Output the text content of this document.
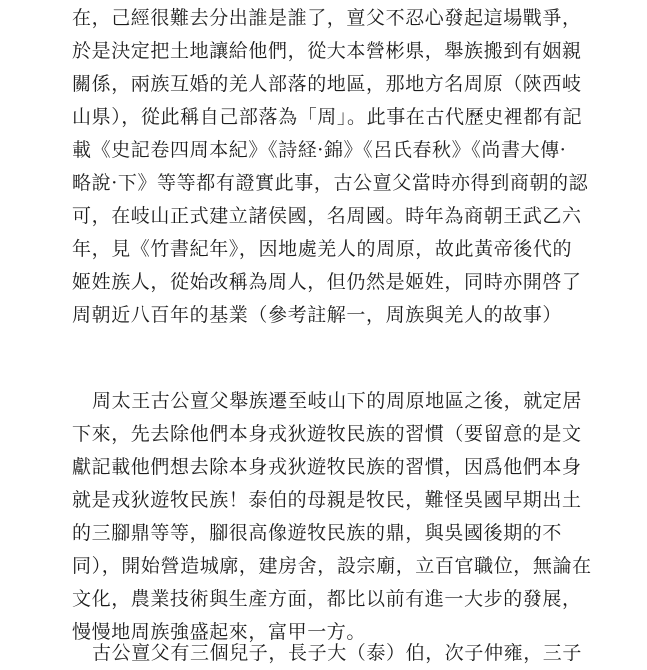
在，己經很難去分出誰是誰了，亶父不忍心發起這場戰爭，
於是決定把土地讓給他們，從大本營彬県，舉族搬到有姻親
關係，兩族互婚的羌人部落的地區，那地方名周原（陝西岐
山県），從此稱自己部落為「周」。此事在古代歷史裡都有記
載《史記卷四周本紀》《詩経·錦》《呂氏春秋》《尚書大傳·
略說·下》等等都有證實此事，古公亶父當時亦得到商朝的認
可，在岐山正式建立諸侯國，名周國。時年為商朝王武乙六
年，見《竹書紀年》，因地處羌人的周原，故此黃帝後代的
姬姓族人，從始改稱為周人，但仍然是姬姓，同時亦開啓了
周朝近八百年的基業（參考註解一，周族與羌人的故事）
周太王古公亶父舉族遷至岐山下的周原地區之後，就定居
下來，先去除他們本身戎狄遊牧民族的習慣（要留意的是文
獻記載他們想去除本身戎狄遊牧民族的習慣，因爲他們本身
就是戎狄遊牧民族！泰伯的母親是牧民，難怪吳國早期出土
的三腳鼎等等，腳很高像遊牧民族的鼎，與吳國後期的不
同），開始營造城廓，建房舍，設宗廟，立百官職位，無論在
文化，農業技術與生產方面，都比以前有進一大步的發展，
慢慢地周族強盛起來，富甲一方。
古公亶父有三個兒子，長子大（泰）伯，次子仲雍，三子
